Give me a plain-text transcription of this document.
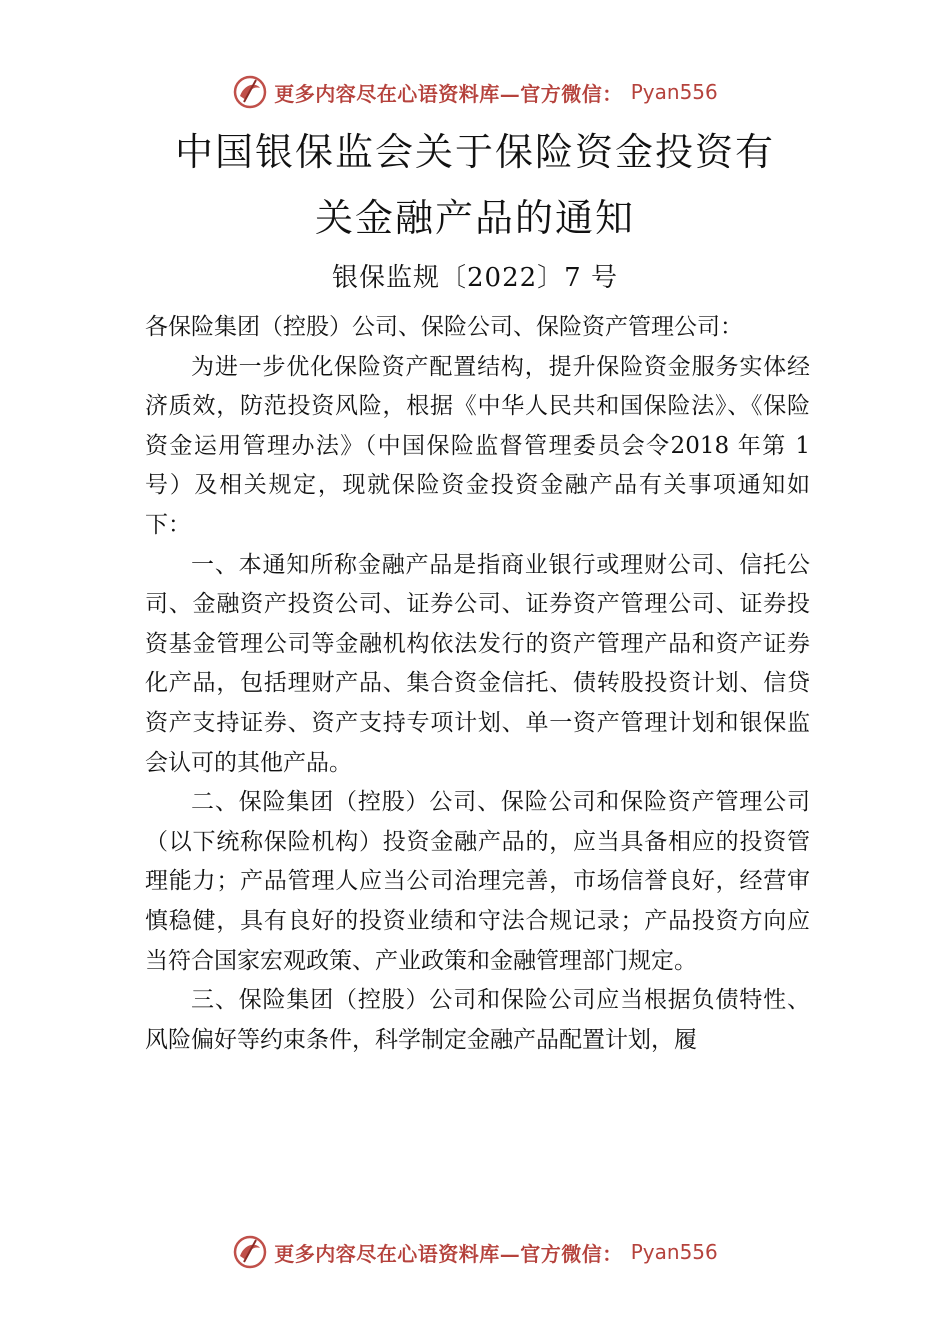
更多内容尽在心语资料库—官方微信： Pyan556
中国银保监会关于保险资金投资有
关金融产品的通知
银保监规〔2022〕7 号

各保险集团（控股）公司、保险公司、保险资产管理公司：

为进一步优化保险资产配置结构，提升保险资金服务实体经济质效，防范投资风险，根据《中华人民共和国保险法》、《保险资金运用管理办法》（中国保险监督管理委员会令2018 年第 1 号）及相关规定，现就保险资金投资金融产品有关事项通知如下：

一、本通知所称金融产品是指商业银行或理财公司、信托公司、金融资产投资公司、证券公司、证券资产管理公司、证券投资基金管理公司等金融机构依法发行的资产管理产品和资产证券化产品，包括理财产品、集合资金信托、债转股投资计划、信贷资产支持证券、资产支持专项计划、单一资产管理计划和银保监会认可的其他产品。

二、保险集团（控股）公司、保险公司和保险资产管理公司（以下统称保险机构）投资金融产品的，应当具备相应的投资管理能力；产品管理人应当公司治理完善，市场信誉良好，经营审慎稳健，具有良好的投资业绩和守法合规记录；产品投资方向应当符合国家宏观政策、产业政策和金融管理部门规定。

三、保险集团（控股）公司和保险公司应当根据负债特性、风险偏好等约束条件，科学制定金融产品配置计划，履

更多内容尽在心语资料库—官方微信： Pyan556
